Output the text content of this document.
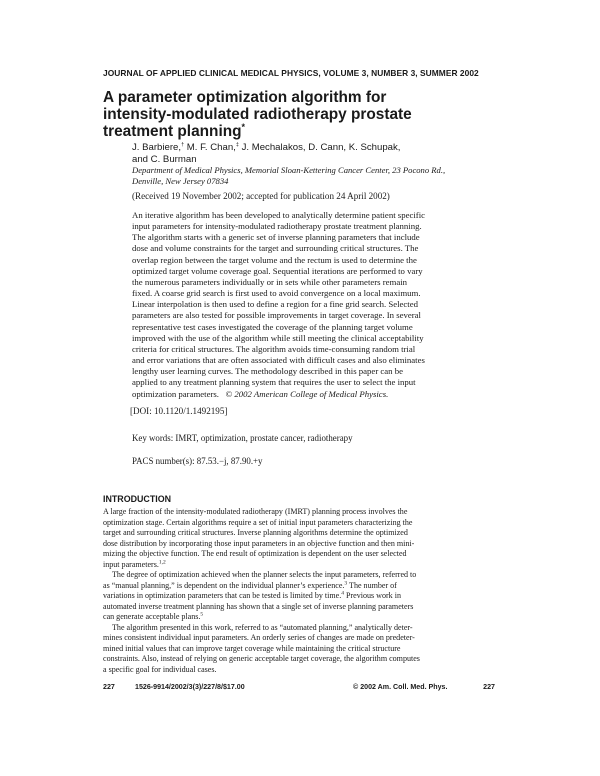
JOURNAL OF APPLIED CLINICAL MEDICAL PHYSICS, VOLUME 3, NUMBER 3, SUMMER 2002
A parameter optimization algorithm for
intensity-modulated radiotherapy prostate
treatment planning*
J. Barbiere,† M. F. Chan,‡ J. Mechalakos, D. Cann, K. Schupak,
and C. Burman
Department of Medical Physics, Memorial Sloan-Kettering Cancer Center, 23 Pocono Rd.,
Denville, New Jersey 07834
(Received 19 November 2002; accepted for publication 24 April 2002)
An iterative algorithm has been developed to analytically determine patient specific
input parameters for intensity-modulated radiotherapy prostate treatment planning.
The algorithm starts with a generic set of inverse planning parameters that include
dose and volume constraints for the target and surrounding critical structures. The
overlap region between the target volume and the rectum is used to determine the
optimized target volume coverage goal. Sequential iterations are performed to vary
the numerous parameters individually or in sets while other parameters remain
fixed. A coarse grid search is first used to avoid convergence on a local maximum.
Linear interpolation is then used to define a region for a fine grid search. Selected
parameters are also tested for possible improvements in target coverage. In several
representative test cases investigated the coverage of the planning target volume
improved with the use of the algorithm while still meeting the clinical acceptability
criteria for critical structures. The algorithm avoids time-consuming random trial
and error variations that are often associated with difficult cases and also eliminates
lengthy user learning curves. The methodology described in this paper can be
applied to any treatment planning system that requires the user to select the input
optimization parameters. © 2002 American College of Medical Physics.
[DOI: 10.1120/1.1492195]
Key words: IMRT, optimization, prostate cancer, radiotherapy
PACS number(s): 87.53.−j, 87.90.+y
INTRODUCTION
A large fraction of the intensity-modulated radiotherapy (IMRT) planning process involves the
optimization stage. Certain algorithms require a set of initial input parameters characterizing the
target and surrounding critical structures. Inverse planning algorithms determine the optimized
dose distribution by incorporating those input parameters in an objective function and then mini-
mizing the objective function. The end result of optimization is dependent on the user selected
input parameters.$^{1,2}$
The degree of optimization achieved when the planner selects the input parameters, referred to
as “manual planning,” is dependent on the individual planner’s experience.$^3$ The number of
variations in optimization parameters that can be tested is limited by time.$^4$ Previous work in
automated inverse treatment planning has shown that a single set of inverse planning parameters
can generate acceptable plans.$^5$
The algorithm presented in this work, referred to as “automated planning,” analytically deter-
mines consistent individual input parameters. An orderly series of changes are made on predeter-
mined initial values that can improve target coverage while maintaining the critical structure
constraints. Also, instead of relying on generic acceptable target coverage, the algorithm computes
a specific goal for individual cases.
227	1526-9914/2002/3(3)/227/8/$17.00	© 2002 Am. Coll. Med. Phys.	227
